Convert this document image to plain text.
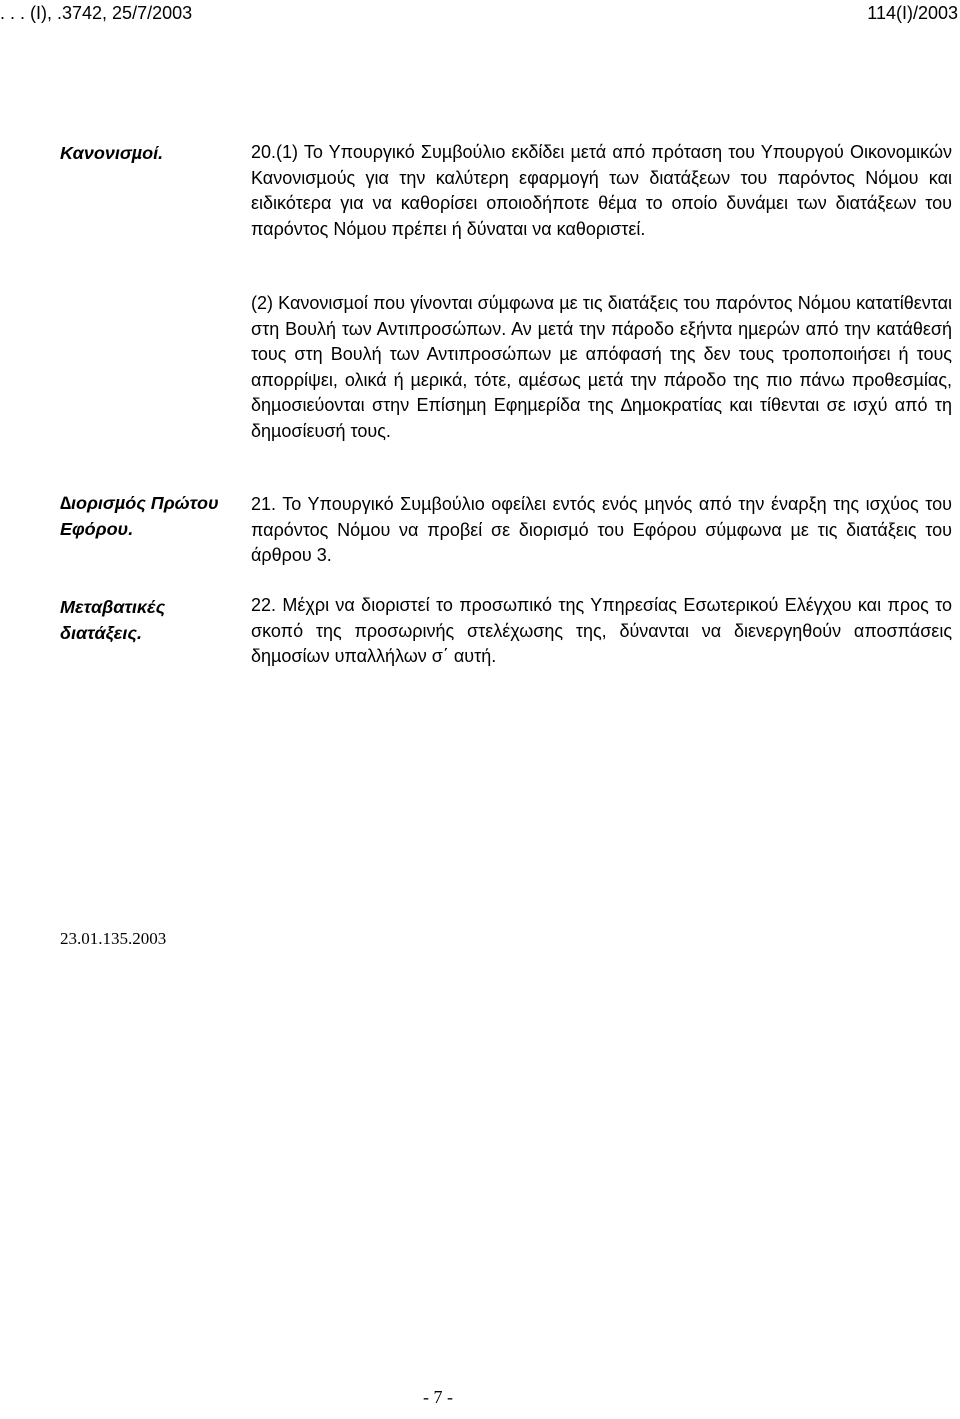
. . . (Ι), .3742, 25/7/2003	114(Ι)/2003
Κανονισµοί.
∆ιορισµός Πρώτου Εφόρου.
Μεταβατικές διατάξεις.
20.(1) Το Υπουργικό Συµβούλιο εκδίδει µετά από πρόταση του Υπουργού Οικονοµικών Κανονισµούς για την καλύτερη εφαρµογή των διατάξεων του παρόντος Νόµου και ειδικότερα για να καθορίσει οποιοδήποτε θέµα το οποίο δυνάµει των διατάξεων του παρόντος Νόµου πρέπει ή δύναται να καθοριστεί.
(2) Κανονισµοί που γίνονται σύµφωνα µε τις διατάξεις του παρόντος Νόµου κατατίθενται στη Βουλή των Αντιπροσώπων. Αν µετά την πάροδο εξήντα ηµερών από την κατάθεσή τους στη Βουλή των Αντιπροσώπων µε απόφασή της δεν τους τροποποιήσει ή τους απορρίψει, ολικά ή µερικά, τότε, αµέσως µετά την πάροδο της πιο πάνω προθεσµίας, δηµοσιεύονται στην Επίσηµη Εφηµερίδα της ∆ηµοκρατίας και τίθενται σε ισχύ από τη δηµοσίευσή τους.
21. Το Υπουργικό Συµβούλιο οφείλει εντός ενός µηνός από την έναρξη της ισχύος του παρόντος Νόµου να προβεί σε διορισµό του Εφόρου σύµφωνα µε τις διατάξεις του άρθρου 3.
22. Μέχρι να διοριστεί το προσωπικό της Υπηρεσίας Εσωτερικού Ελέγχου και προς το σκοπό της προσωρινής στελέχωσης της, δύνανται να διενεργηθούν αποσπάσεις δηµοσίων υπαλλήλων σ΄ αυτή.
23.01.135.2003
- 7 -
